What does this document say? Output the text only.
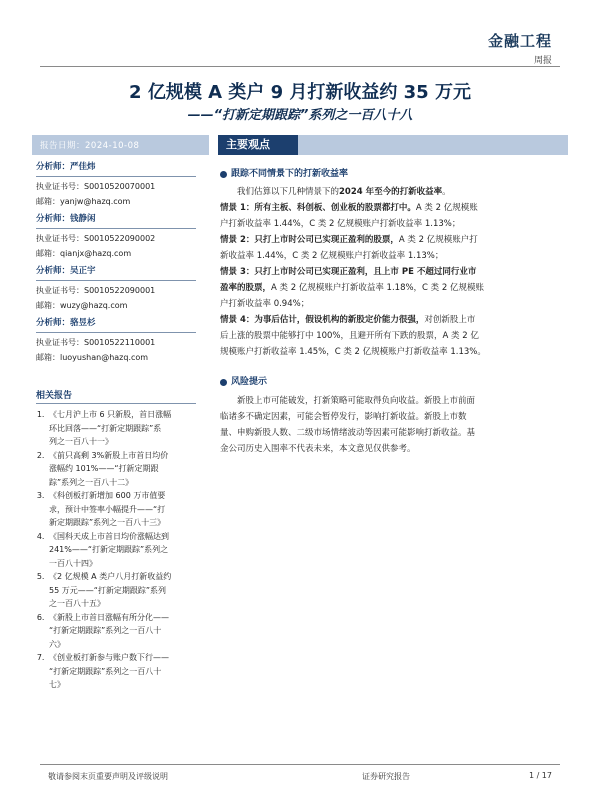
金融工程
周报
2 亿规模 A 类户 9 月打新收益约 35 万元
——“打新定期跟踪”系列之一百八十八
报告日期：2024-10-08	主要观点
分析师：严佳炜
执业证书号：S0010520070001
邮箱：yanjw@hazq.com
分析师：钱静闲
执业证书号：S0010522090002
邮箱：qianjx@hazq.com
分析师：吴正宇
执业证书号：S0010522090001
邮箱：wuzy@hazq.com
分析师：骆昱杉
执业证书号：S0010522110001
邮箱：luoyushan@hazq.com
相关报告
1. 《七月沪上市 6 只新股，首日涨幅
环比回落——“打新定期跟踪”系
列之一百八十一》
2. 《前只高剩 3%新股上市首日均价
涨幅约 101%——“打新定期跟
踪”系列之一百八十二》
3. 《科创板打新增加 600 万市值要
求，预计中签率小幅提升——“打
新定期跟踪”系列之一百八十三》
4. 《国科天成上市首日均价涨幅达到
241%——“打新定期跟踪”系列之
一百八十四》
5. 《2 亿规模 A 类户八月打新收益约
55 万元——“打新定期跟踪”系列
之一百八十五》
6. 《新股上市首日涨幅有所分化——
“打新定期跟踪”系列之一百八十
六》
7. 《创业板打新参与账户数下行——
“打新定期跟踪”系列之一百八十
七》
跟踪不同情景下的打新收益率

我们估算以下几种情景下的2024 年至今的打新收益率。

情景 1：所有主板、科创板、创业板的股票都打中。A 类 2 亿规模账
户打新收益率 1.44%，C 类 2 亿规模账户打新收益率 1.13%；

情景 2：只打上市时公司已实现正盈利的股票，A 类 2 亿规模账户打
新收益率 1.44%，C 类 2 亿规模账户打新收益率 1.13%；

情景 3：只打上市时公司已实现正盈利，且上市 PE 不超过同行业市
盈率的股票，A 类 2 亿规模账户打新收益率 1.18%，C 类 2 亿规模账
户打新收益率 0.94%；

情景 4：为事后估计，假设机构的新股定价能力很强，对创新股上市
后上涨的股票中能够打中 100%，且避开所有下跌的股票，A 类 2 亿
规模账户打新收益率 1.45%，C 类 2 亿规模账户打新收益率 1.13%。

风险提示

新股上市可能破发，打新策略可能取得负向收益。新股上市前面
临诸多不确定因素，可能会暂停发行，影响打新收益。新股上市数
量、申购新股人数、二级市场情绪波动等因素可能影响打新收益。基
金公司历史入围率不代表未来，本文意见仅供参考。

敬请参阅末页重要声明及评级说明	证券研究报告	1 / 17
